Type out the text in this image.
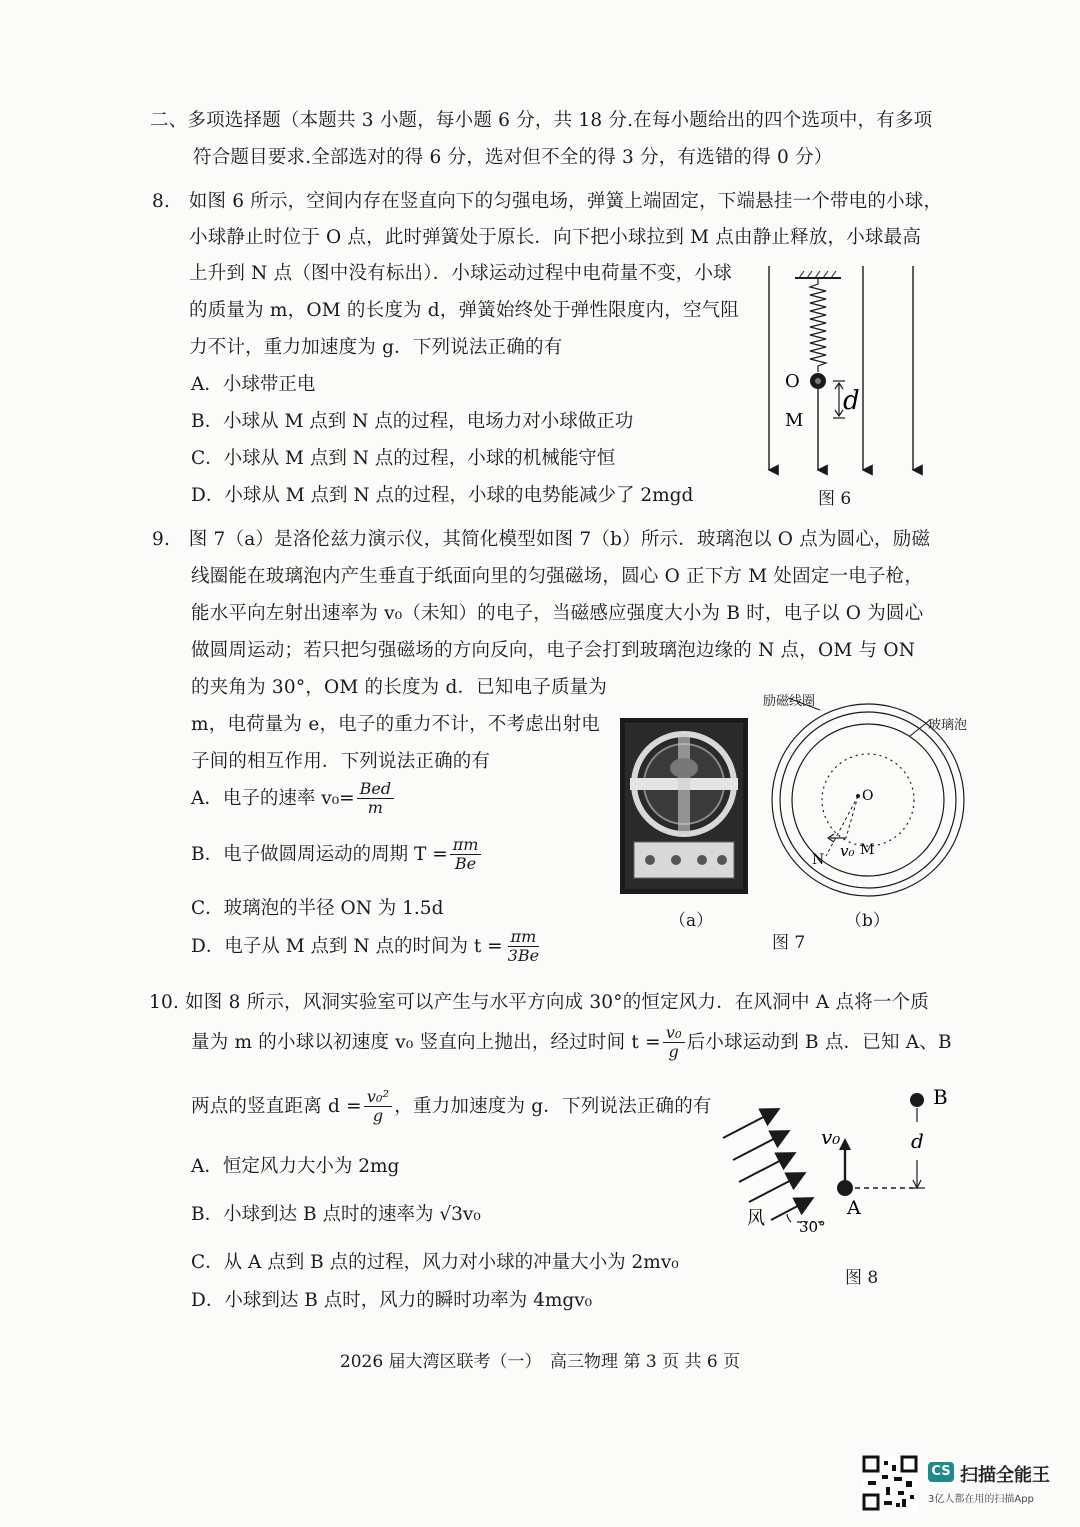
二、多项选择题（本题共 3 小题，每小题 6 分，共 18 分.在每小题给出的四个选项中，有多项
符合题目要求.全部选对的得 6 分，选对但不全的得 3 分，有选错的得 0 分）
8.　如图 6 所示，空间内存在竖直向下的匀强电场，弹簧上端固定，下端悬挂一个带电的小球，
小球静止时位于 O 点，此时弹簧处于原长．向下把小球拉到 M 点由静止释放，小球最高
上升到 N 点（图中没有标出）．小球运动过程中电荷量不变，小球
的质量为 m，OM 的长度为 d，弹簧始终处于弹性限度内，空气阻
力不计，重力加速度为 g．下列说法正确的有
A．小球带正电
B．小球从 M 点到 N 点的过程，电场力对小球做正功
C．小球从 M 点到 N 点的过程，小球的机械能守恒
D．小球从 M 点到 N 点的过程，小球的电势能减少了 2mgd
O
M
d
图 6
9.　图 7（a）是洛伦兹力演示仪，其简化模型如图 7（b）所示．玻璃泡以 O 点为圆心，励磁
线圈能在玻璃泡内产生垂直于纸面向里的匀强磁场，圆心 O 正下方 M 处固定一电子枪，
能水平向左射出速率为 v₀（未知）的电子，当磁感应强度大小为 B 时，电子以 O 为圆心
做圆周运动；若只把匀强磁场的方向反向，电子会打到玻璃泡边缘的 N 点，OM 与 ON
的夹角为 30°，OM 的长度为 d．已知电子质量为
m，电荷量为 e，电子的重力不计，不考虑出射电
子间的相互作用．下列说法正确的有
A．电子的速率 $v_0= \frac{\text{Bed}}{m}$
B．电子做圆周运动的周期 $T = \frac{\pi m}{Be}$
C．玻璃泡的半径 ON 为 1.5d
D．电子从 M 点到 N 点的时间为 $t = \frac{\pi m}{3Be}$
O
N v₀ M
励磁线圈
玻璃泡
（a）	（b）
图 7
10. 如图 8 所示，风洞实验室可以产生与水平方向成 30°的恒定风力．在风洞中 A 点将一个质
量为 m 的小球以初速度 v₀ 竖直向上抛出，经过时间 $t = \frac{\text{v₀}}{g}$ 后小球运动到 B 点．已知 A、B
两点的竖直距离 $d = \frac{\text{v₀²}}{g}$ ，重力加速度为 g．下列说法正确的有
A．恒定风力大小为 2mg
B．小球到达 B 点时的速率为 √3v₀
C．从 A 点到 B 点的过程，风力对小球的冲量大小为 2mv₀
D．小球到达 B 点时，风力的瞬时功率为 4mgv₀
B
d
v₀
风 30°
A
图 8
2026 届大湾区联考（一）　高三物理 第 3 页 共 6 页
CS 扫描全能王
3亿人都在用的扫描App
